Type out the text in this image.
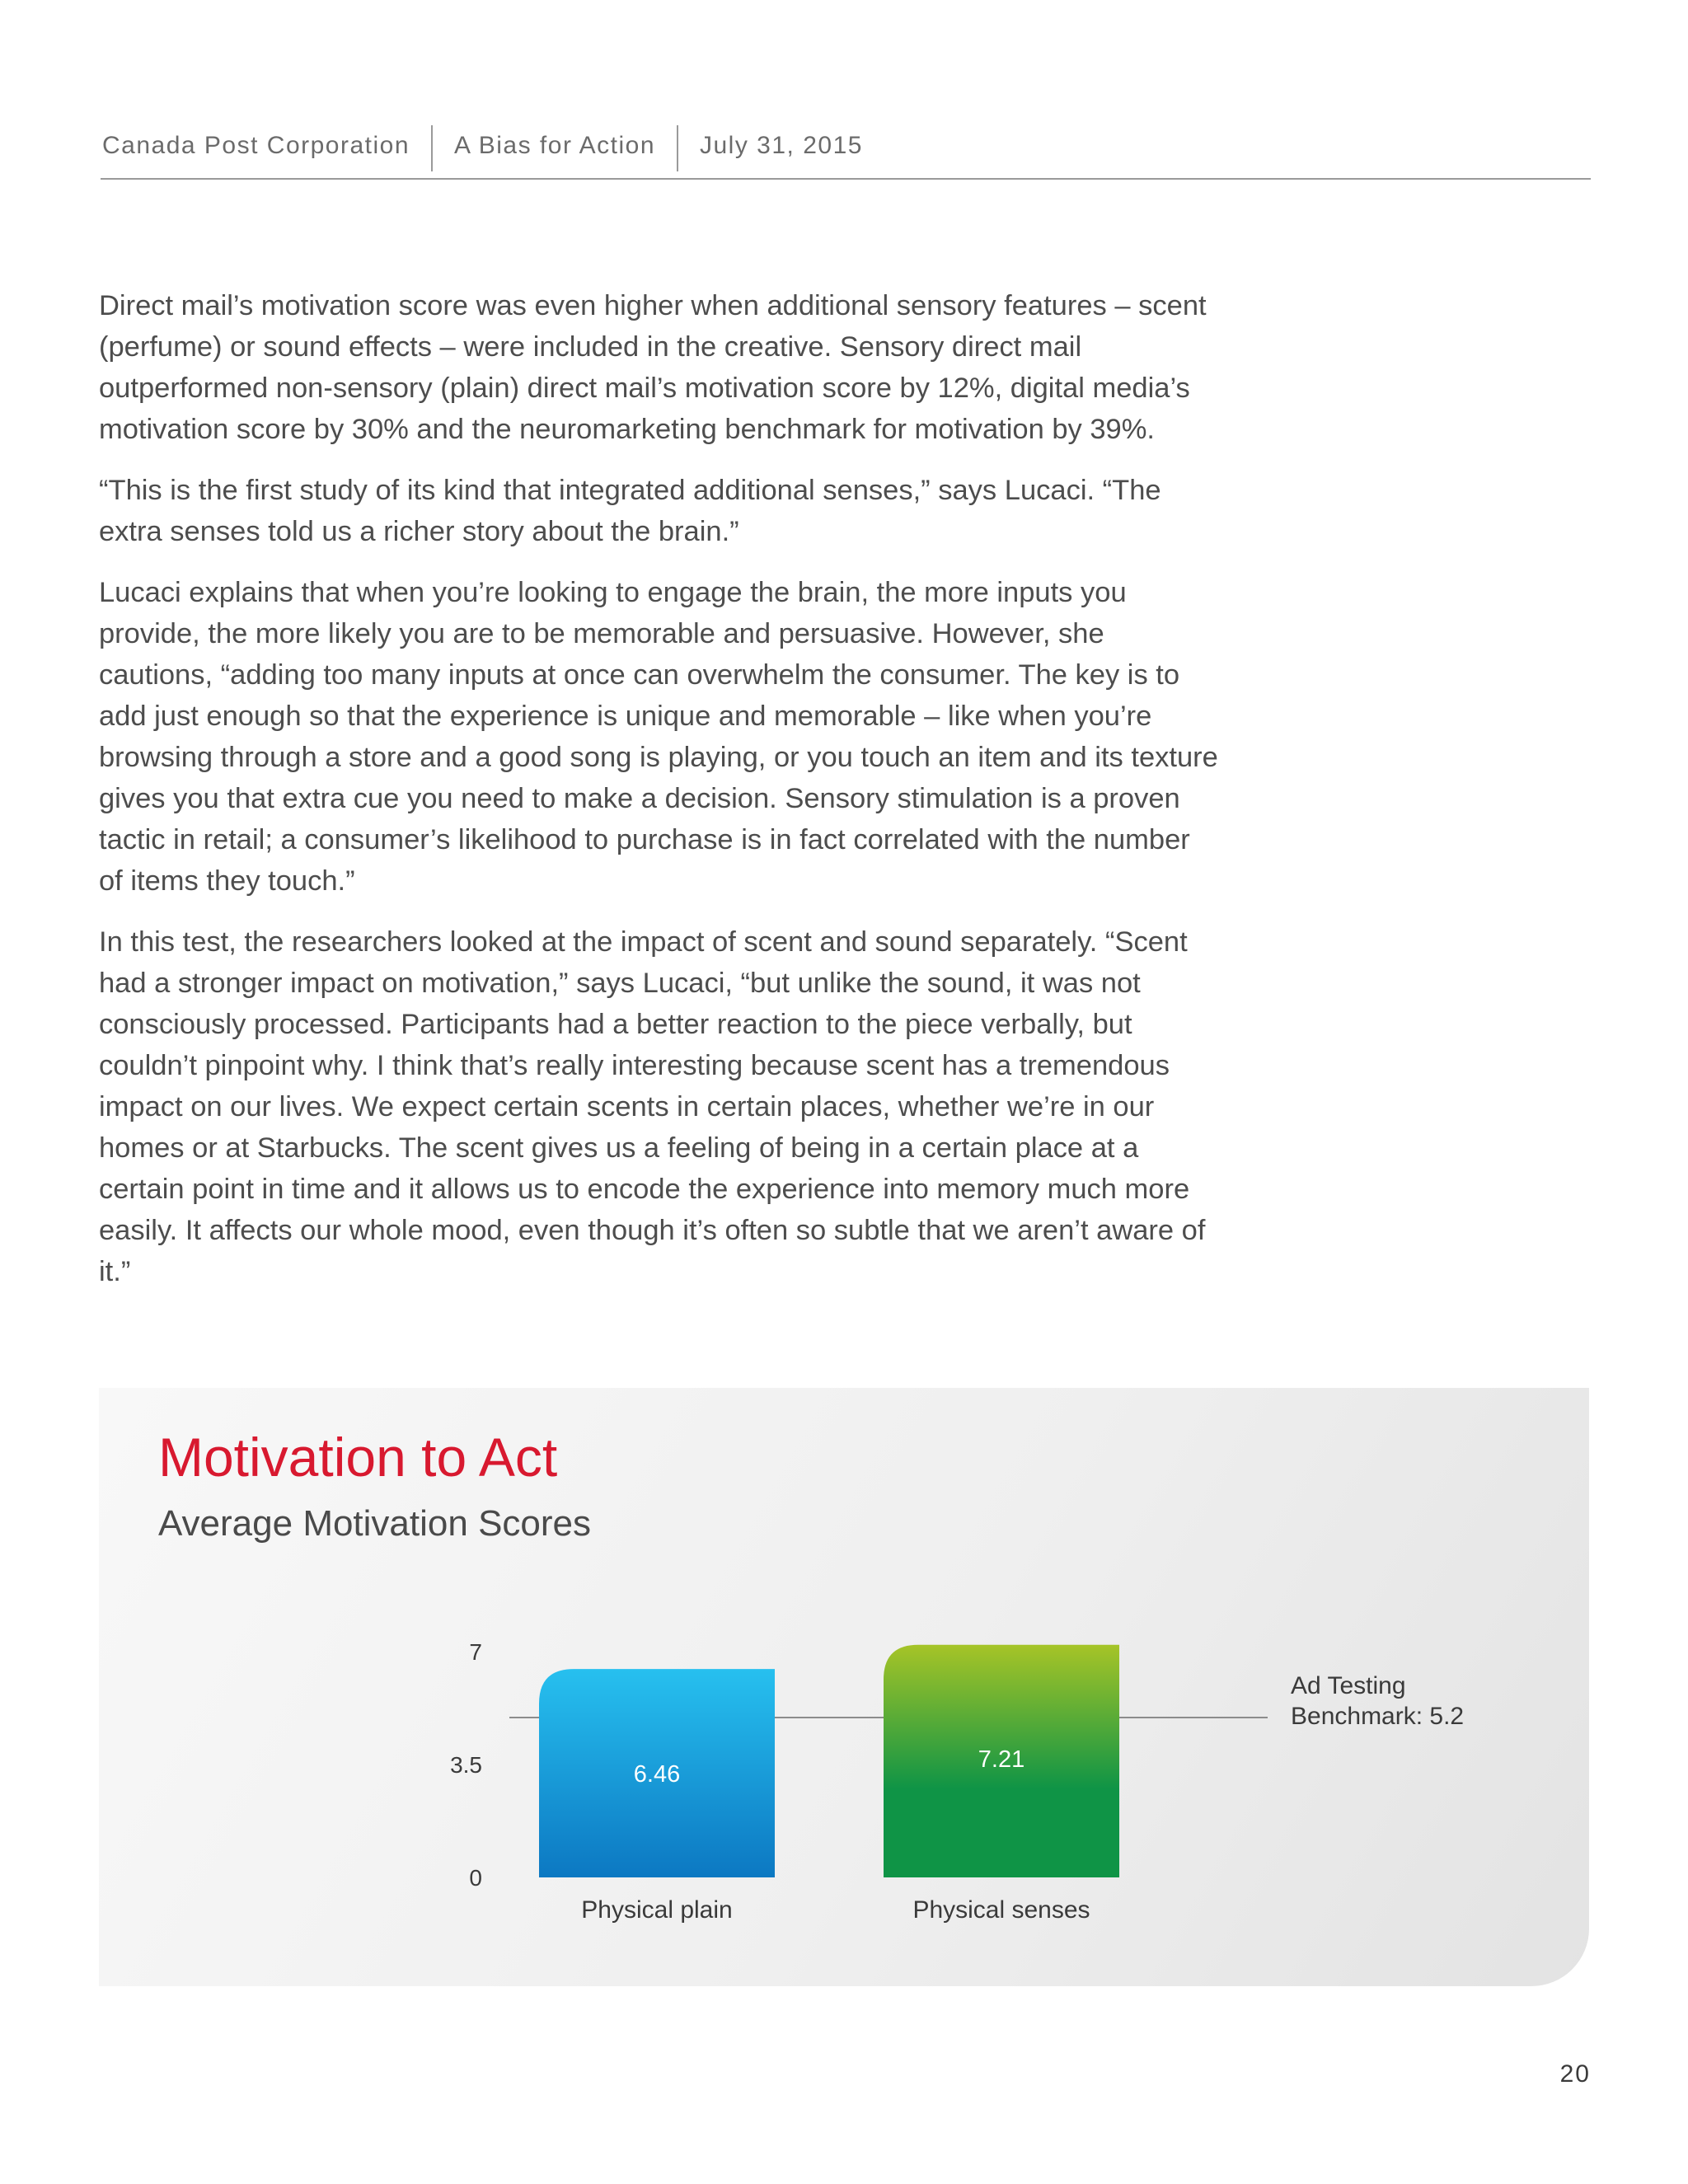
Canada Post Corporation	A Bias for Action	July 31, 2015

Direct mail’s motivation score was even higher when additional sensory features – scent (perfume) or sound effects – were included in the creative. Sensory direct mail outperformed non-sensory (plain) direct mail’s motivation score by 12%, digital media’s motivation score by 30% and the neuromarketing benchmark for motivation by 39%.

“This is the first study of its kind that integrated additional senses,” says Lucaci. “The extra senses told us a richer story about the brain.”

Lucaci explains that when you’re looking to engage the brain, the more inputs you provide, the more likely you are to be memorable and persuasive. However, she cautions, “adding too many inputs at once can overwhelm the consumer. The key is to add just enough so that the experience is unique and memorable – like when you’re browsing through a store and a good song is playing, or you touch an item and its texture gives you that extra cue you need to make a decision. Sensory stimulation is a proven tactic in retail; a consumer’s likelihood to purchase is in fact correlated with the number of items they touch.”

In this test, the researchers looked at the impact of scent and sound separately. “Scent had a stronger impact on motivation,” says Lucaci, “but unlike the sound, it was not consciously processed. Participants had a better reaction to the piece verbally, but couldn’t pinpoint why. I think that’s really interesting because scent has a tremendous impact on our lives. We expect certain scents in certain places, whether we’re in our homes or at Starbucks. The scent gives us a feeling of being in a certain place at a certain point in time and it allows us to encode the experience into memory much more easily. It affects our whole mood, even though it’s often so subtle that we aren’t aware of it.”

Motivation to Act
Average Motivation Scores
0
3.5
7
6.46
7.21
Physical plain	Physical senses
Ad Testing
Benchmark: 5.2
20
